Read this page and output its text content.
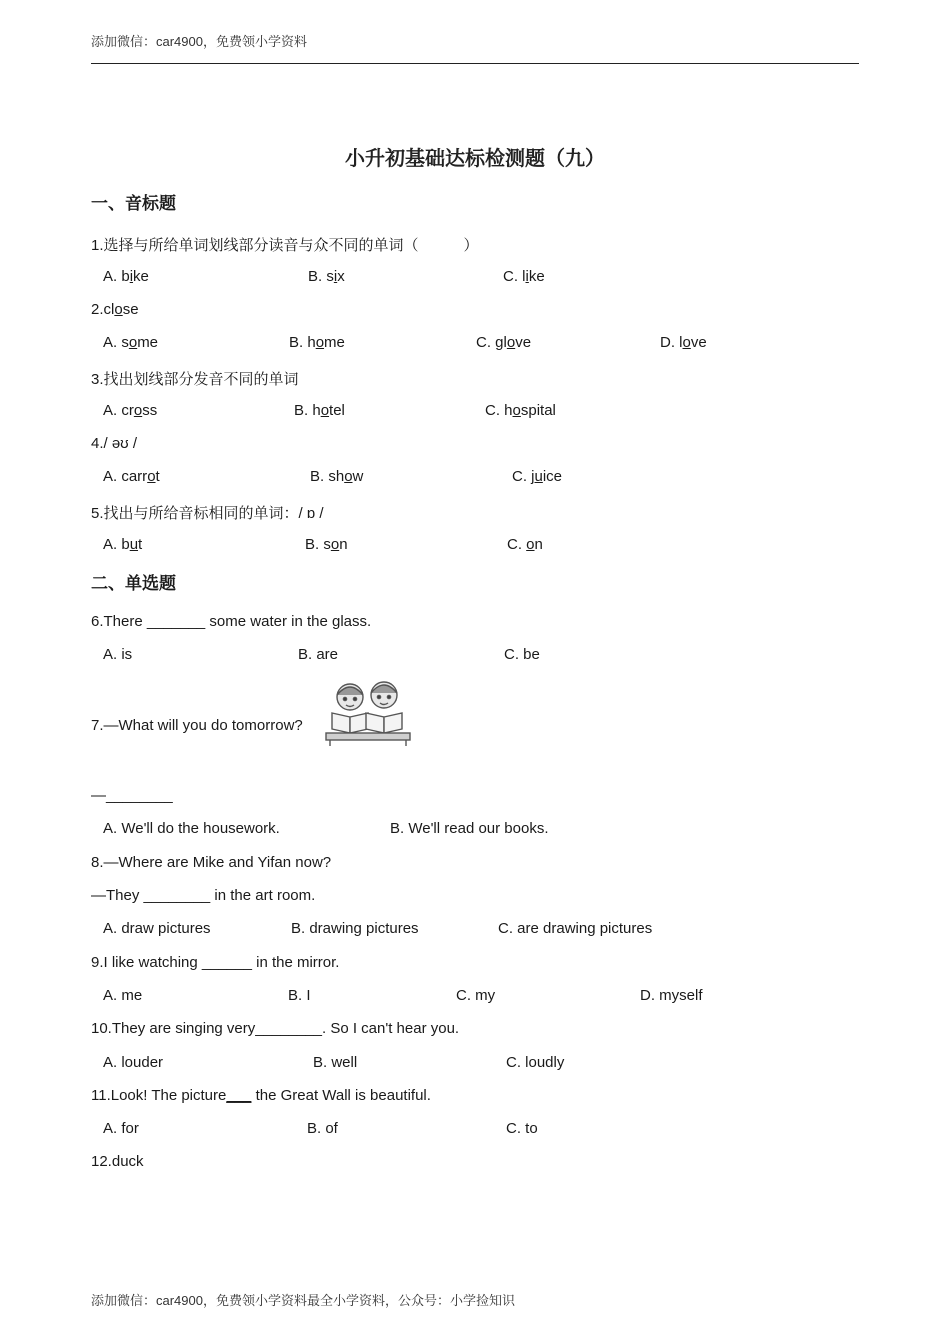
添加微信：car4900，免费领小学资料
小升初基础达标检测题（九）
一、音标题
1.选择与所给单词划线部分读音与众不同的单词（　　　）
A. bike	B. six	C. like
2.close
A. some	B. home	C. glove	D. love
3.找出划线部分发音不同的单词
A. cross	B. hotel	C. hospital
4./ əʊ /
A. carrot	B. show	C. juice
5.找出与所给音标相同的单词：/ ɒ /
A. but	B. son	C. on
二、单选题
6.There _______ some water in the glass.
A. is	B. are	C. be
7.—What will you do tomorrow?
—________
A. We'll do the housework.	B. We'll read our books.
8.—Where are Mike and Yifan now?
—They ________ in the art room.
A. draw pictures	B. drawing pictures	C. are drawing pictures
9.I like watching ______ in the mirror.
A. me	B. I	C. my	D. myself
10.They are singing very________. So I can't hear you.
A. louder	B. well	C. loudly
11.Look! The picture___ the Great Wall is beautiful.
A. for	B. of	C. to
12.duck
添加微信：car4900，免费领小学资料最全小学资料，公众号：小学捡知识
